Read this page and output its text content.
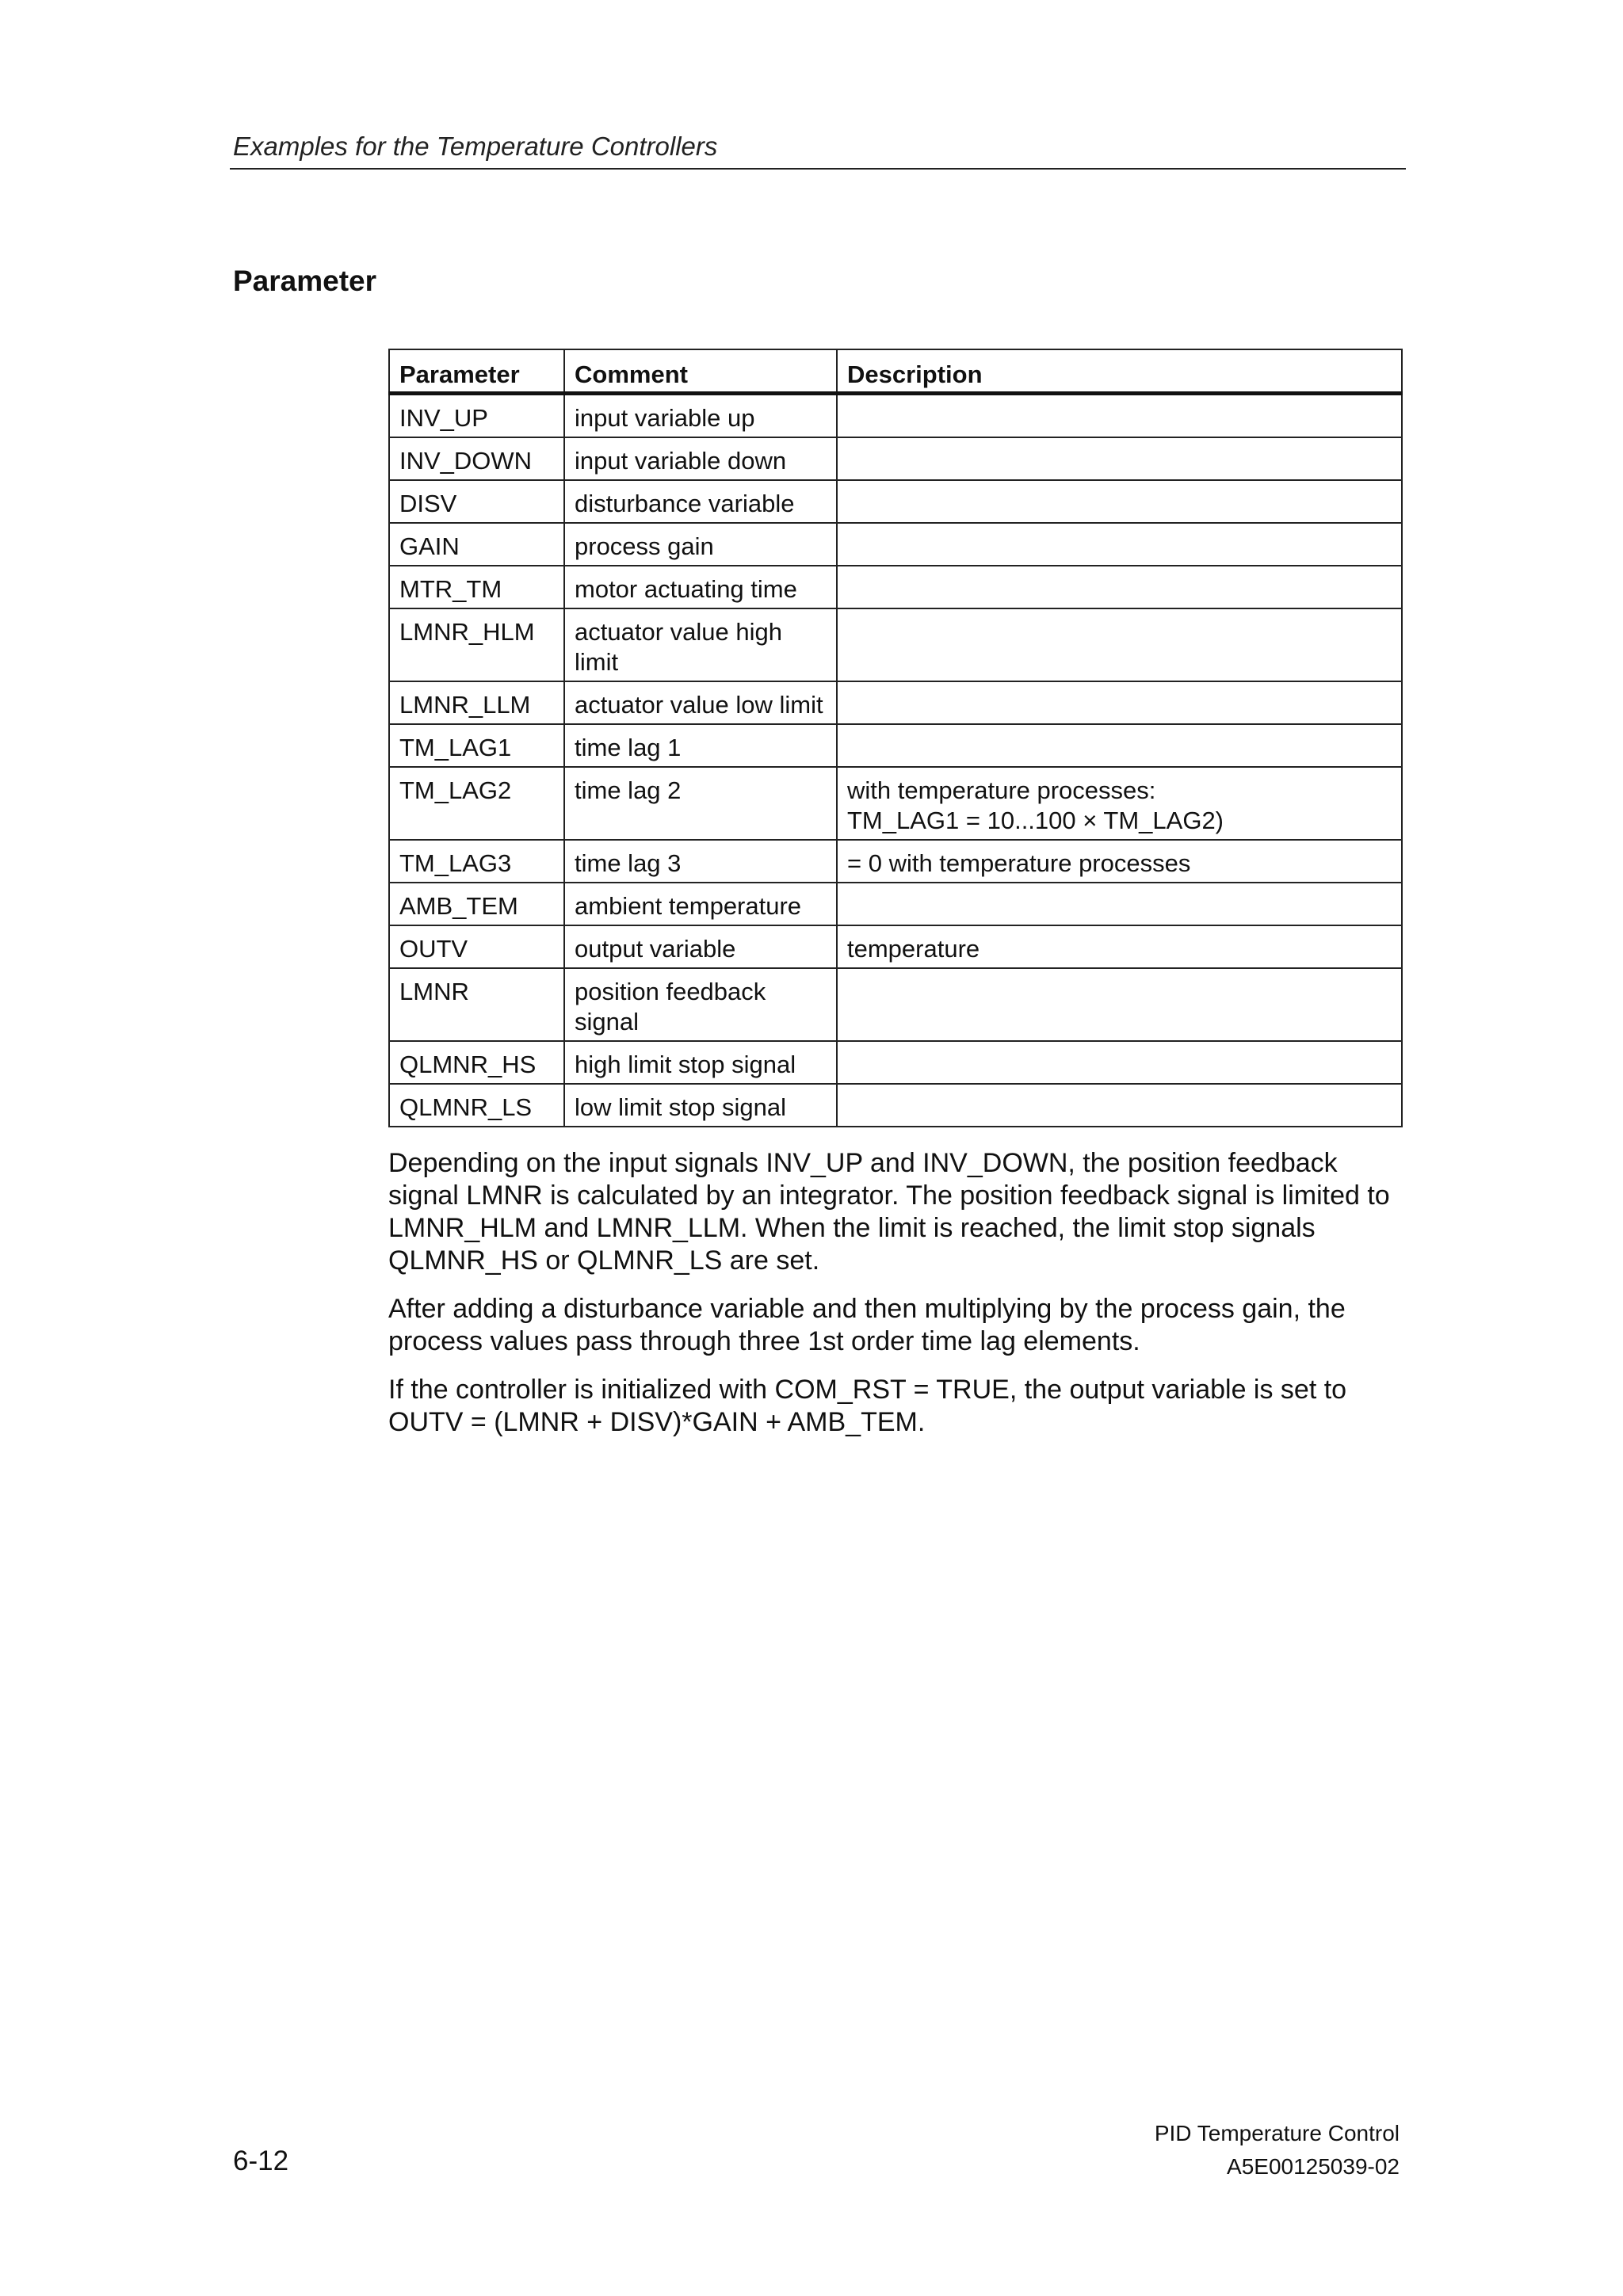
Examples for the Temperature Controllers
Parameter
Parameter	Comment	Description
INV_UP	input variable up	
INV_DOWN	input variable down	
DISV	disturbance variable	
GAIN	process gain	
MTR_TM	motor actuating time	
LMNR_HLM	actuator value high limit	
LMNR_LLM	actuator value low limit	
TM_LAG1	time lag 1	
TM_LAG2	time lag 2	with temperature processes:
TM_LAG1 = 10...100 × TM_LAG2)
TM_LAG3	time lag 3	= 0 with temperature processes
AMB_TEM	ambient temperature	
OUTV	output variable	temperature
LMNR	position feedback signal	
QLMNR_HS	high limit stop signal	
QLMNR_LS	low limit stop signal	

Depending on the input signals INV_UP and INV_DOWN, the position feedback signal LMNR is calculated by an integrator. The position feedback signal is limited to LMNR_HLM and LMNR_LLM. When the limit is reached, the limit stop signals QLMNR_HS or QLMNR_LS are set.

After adding a disturbance variable and then multiplying by the process gain, the process values pass through three 1st order time lag elements.

If the controller is initialized with COM_RST = TRUE, the output variable is set to OUTV = (LMNR + DISV)*GAIN + AMB_TEM.

6-12
PID Temperature Control
A5E00125039-02
